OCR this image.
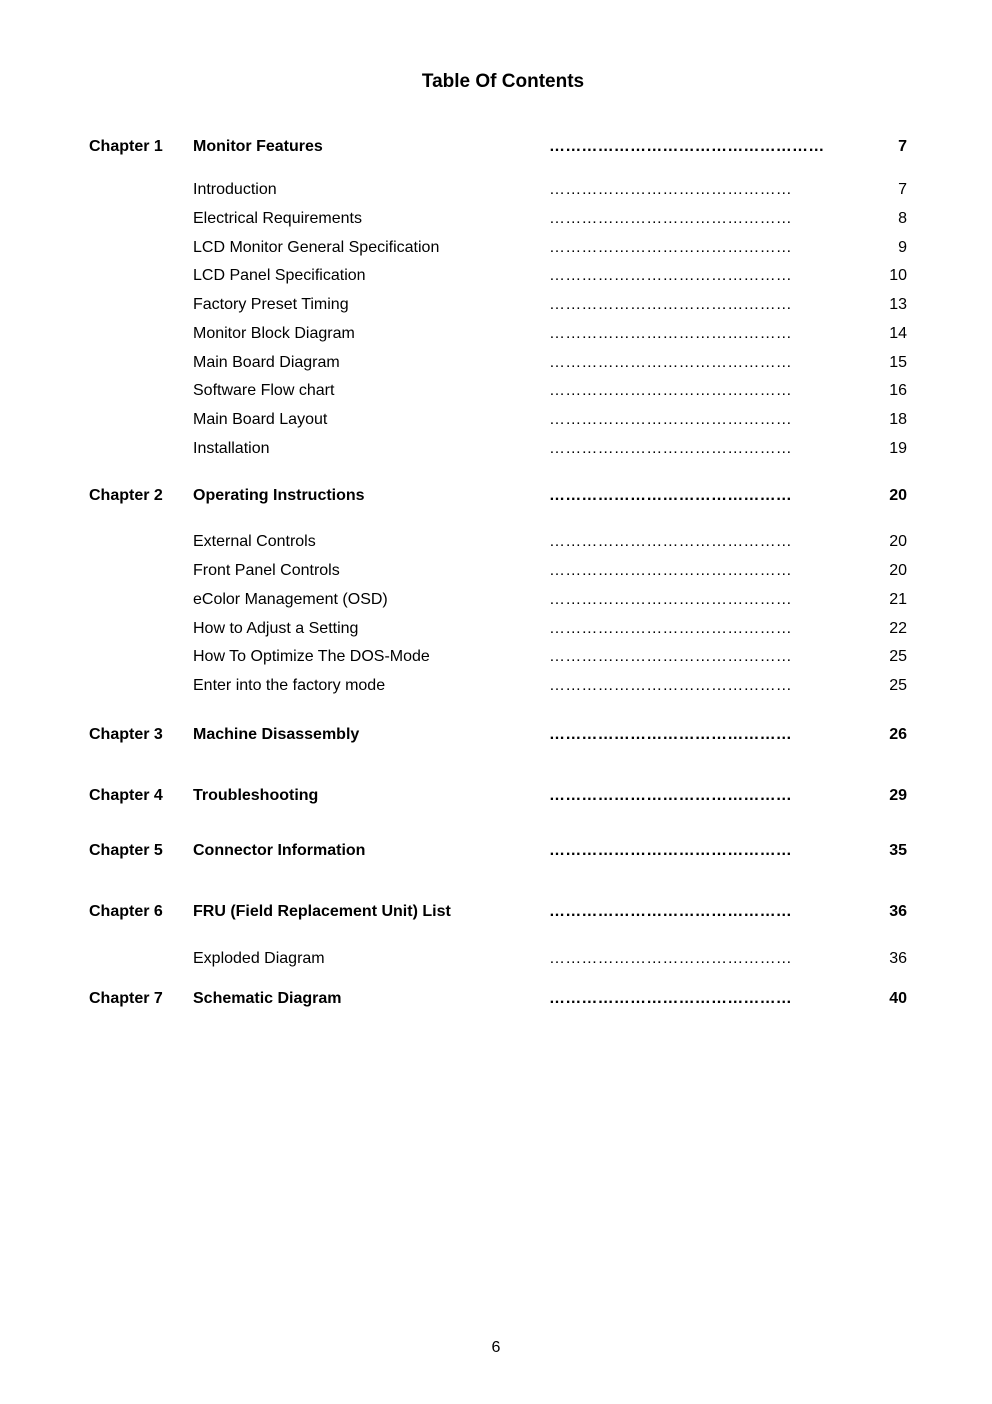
Table Of Contents
Chapter 1	Monitor Features	……………………………………………	7
Introduction	………………………………………	7
Electrical Requirements	………………………………………	8
LCD Monitor General Specification	………………………………………	9
LCD Panel Specification	………………………………………	10
Factory Preset Timing	………………………………………	13
Monitor Block Diagram	………………………………………	14
Main Board Diagram	………………………………………	15
Software Flow chart	………………………………………	16
Main Board Layout	………………………………………	18
Installation	………………………………………	19
Chapter 2	Operating Instructions	………………………………………	20
External Controls	………………………………………	20
Front Panel Controls	………………………………………	20
eColor Management (OSD)	………………………………………	21
How to Adjust a Setting	………………………………………	22
How To Optimize The DOS-Mode	………………………………………	25
Enter into the factory mode	………………………………………	25
Chapter 3	Machine Disassembly	………………………………………	26
Chapter 4	Troubleshooting	………………………………………	29
Chapter 5	Connector Information	………………………………………	35
Chapter 6	FRU (Field Replacement Unit) List	………………………………………	36
Exploded Diagram	………………………………………	36
Chapter 7	Schematic Diagram	………………………………………	40
6
